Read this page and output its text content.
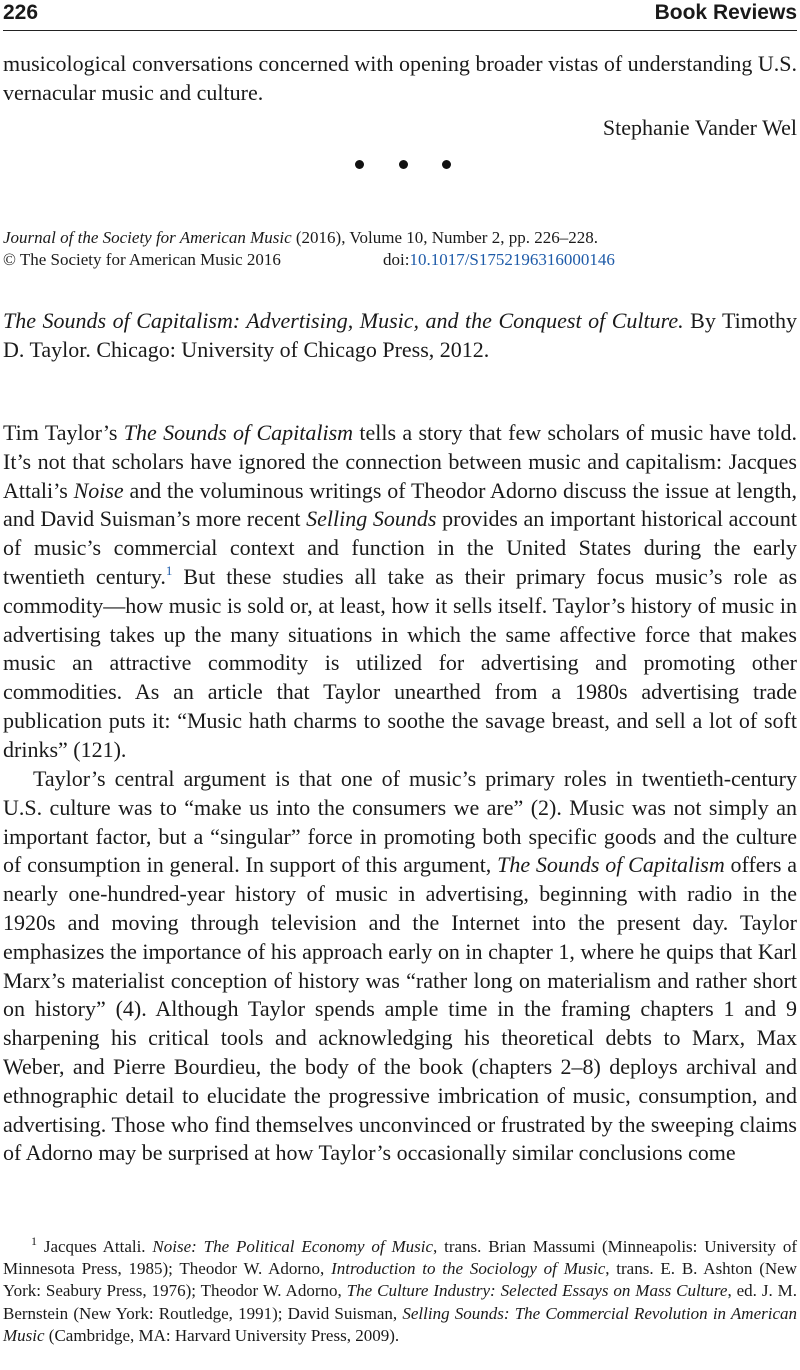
226	Book Reviews

musicological conversations concerned with opening broader vistas of understanding U.S. vernacular music and culture.

Stephanie Vander Wel
Journal of the Society for American Music (2016), Volume 10, Number 2, pp. 226–228.
© The Society for American Music 2016	doi:10.1017/S1752196316000146

The Sounds of Capitalism: Advertising, Music, and the Conquest of Culture. By Timothy D. Taylor. Chicago: University of Chicago Press, 2012.

Tim Taylor’s The Sounds of Capitalism tells a story that few scholars of music have told. It’s not that scholars have ignored the connection between music and capitalism: Jacques Attali’s Noise and the voluminous writings of Theodor Adorno discuss the issue at length, and David Suisman’s more recent Selling Sounds provides an important historical account of music’s commercial context and function in the United States during the early twentieth century.$^1$ But these studies all take as their primary focus music’s role as commodity—how music is sold or, at least, how it sells itself. Taylor’s history of music in advertising takes up the many situations in which the same affective force that makes music an attractive commodity is utilized for advertising and promoting other commodities. As an article that Taylor unearthed from a 1980s advertising trade publication puts it: “Music hath charms to soothe the savage breast, and sell a lot of soft drinks” (121).

Taylor’s central argument is that one of music’s primary roles in twentieth-century U.S. culture was to “make us into the consumers we are” (2). Music was not simply an important factor, but a “singular” force in promoting both specific goods and the culture of consumption in general. In support of this argument, The Sounds of Capitalism offers a nearly one-hundred-year history of music in advertising, beginning with radio in the 1920s and moving through television and the Internet into the present day. Taylor emphasizes the importance of his approach early on in chapter 1, where he quips that Karl Marx’s materialist conception of history was “rather long on materialism and rather short on history” (4). Although Taylor spends ample time in the framing chapters 1 and 9 sharpening his critical tools and acknowledging his theoretical debts to Marx, Max Weber, and Pierre Bourdieu, the body of the book (chapters 2–8) deploys archival and ethnographic detail to elucidate the progressive imbrication of music, consumption, and advertising. Those who find themselves unconvinced or frustrated by the sweeping claims of Adorno may be surprised at how Taylor’s occasionally similar conclusions come

$^1$ Jacques Attali. Noise: The Political Economy of Music, trans. Brian Massumi (Minneapolis: University of Minnesota Press, 1985); Theodor W. Adorno, Introduction to the Sociology of Music, trans. E. B. Ashton (New York: Seabury Press, 1976); Theodor W. Adorno, The Culture Industry: Selected Essays on Mass Culture, ed. J. M. Bernstein (New York: Routledge, 1991); David Suisman, Selling Sounds: The Commercial Revolution in American Music (Cambridge, MA: Harvard University Press, 2009).
